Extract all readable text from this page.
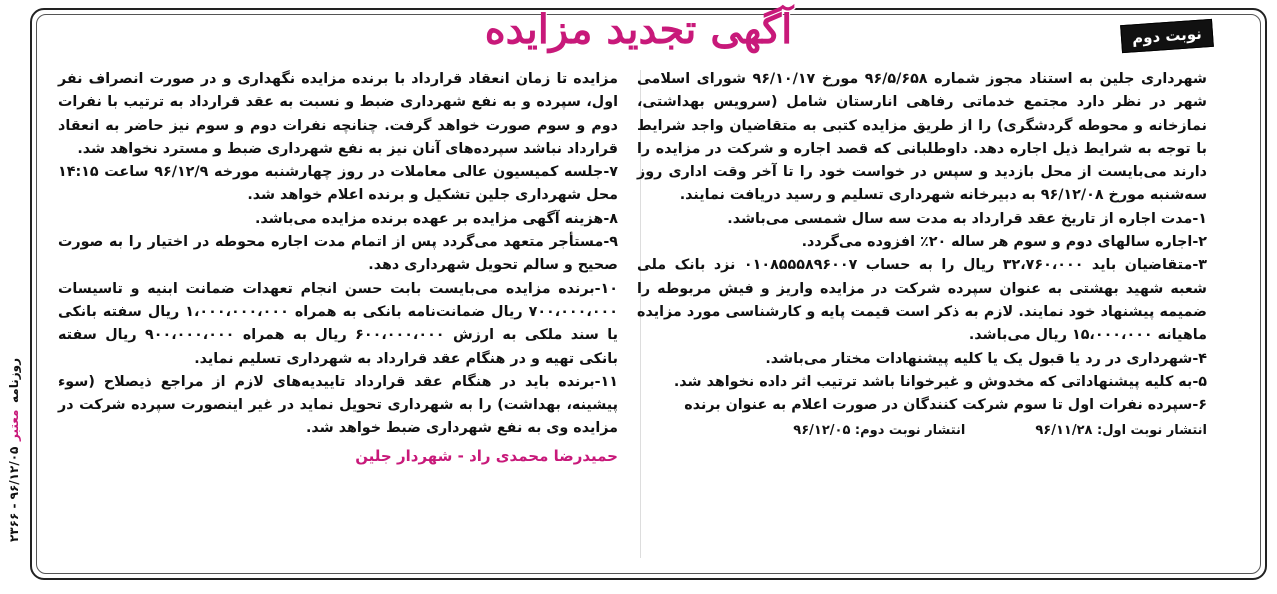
آگهی تجدید مزایده	نوبت دوم
روزنامه
معتبر
۹۶/۱۲/۰۵ - ۲۳۶۶

شهرداری جلین به استناد مجوز شماره ۹۶/۵/۶۵۸ مورخ ۹۶/۱۰/۱۷ شورای اسلامی شهر در نظر دارد مجتمع خدماتی رفاهی انارستان شامل (سرویس بهداشتی، نمازخانه و محوطه گردشگری) را از طریق مزایده کتبی به متقاضیان واجد شرایط با توجه به شرایط ذیل اجاره دهد. داوطلبانی که قصد اجاره و شرکت در مزایده را دارند می‌بایست از محل بازدید و سپس در خواست خود را تا آخر وقت اداری روز سه‌شنبه مورخ ۹۶/۱۲/۰۸ به دبیرخانه شهرداری تسلیم و رسید دریافت نمایند.

۱-مدت اجاره از تاریخ عقد قرارداد به مدت سه سال شمسی می‌باشد.

۲-اجاره سالهای دوم و سوم هر ساله ۲۰٪ افزوده می‌گردد.

۳-متقاضیان باید ۳۲،۷۶۰،۰۰۰ ریال را به حساب ۰۱۰۸۵۵۵۸۹۶۰۰۷ نزد بانک ملی شعبه شهید بهشتی به عنوان سپرده شرکت در مزایده واریز و فیش مربوطه را ضمیمه پیشنهاد خود نمایند. لازم به ذکر است قیمت پایه و کارشناسی مورد مزایده ماهیانه ۱۵،۰۰۰،۰۰۰ ریال می‌باشد.

۴-شهرداری در رد یا قبول یک یا کلیه پیشنهادات مختار می‌باشد.

۵-به کلیه پیشنهاداتی که مخدوش و غیرخوانا باشد ترتیب اثر داده نخواهد شد.

۶-سپرده نفرات اول تا سوم شرکت کنندگان در صورت اعلام به عنوان برنده

انتشار نوبت اول: ۹۶/۱۱/۲۸
انتشار نوبت دوم: ۹۶/۱۲/۰۵

مزایده تا زمان انعقاد قرارداد با برنده مزایده نگهداری و در صورت انصراف نفر اول، سپرده و به نفع شهرداری ضبط و نسبت به عقد قرارداد به ترتیب با نفرات دوم و سوم صورت خواهد گرفت. چنانچه نفرات دوم و سوم نیز حاضر به انعقاد قرارداد نباشد سپرده‌های آنان نیز به نفع شهرداری ضبط و مسترد نخواهد شد.

۷-جلسه کمیسیون عالی معاملات در روز چهارشنبه مورخه ۹۶/۱۲/۹ ساعت ۱۴:۱۵ محل شهرداری جلین تشکیل و برنده اعلام خواهد شد.

۸-هزینه آگهی مزایده بر عهده برنده مزایده می‌باشد.

۹-مستأجر متعهد می‌گردد پس از اتمام مدت اجاره محوطه در اختیار را به صورت صحیح و سالم تحویل شهرداری دهد.

۱۰-برنده مزایده می‌بایست بابت حسن انجام تعهدات ضمانت ابنیه و تاسیسات ۷۰۰،۰۰۰،۰۰۰ ریال ضمانت‌نامه بانکی به همراه ۱،۰۰۰،۰۰۰،۰۰۰ ریال سفته بانکی یا سند ملکی به ارزش ۶۰۰،۰۰۰،۰۰۰ ریال به همراه ۹۰۰،۰۰۰،۰۰۰ ریال سفته بانکی تهیه و در هنگام عقد قرارداد به شهرداری تسلیم نماید.

۱۱-برنده باید در هنگام عقد قرارداد تاییدیه‌های لازم از مراجع ذیصلاح (سوء پیشینه، بهداشت) را به شهرداری تحویل نماید در غیر اینصورت سپرده شرکت در مزایده وی به نفع شهرداری ضبط خواهد شد.

حمیدرضا محمدی راد - شهردار جلین
